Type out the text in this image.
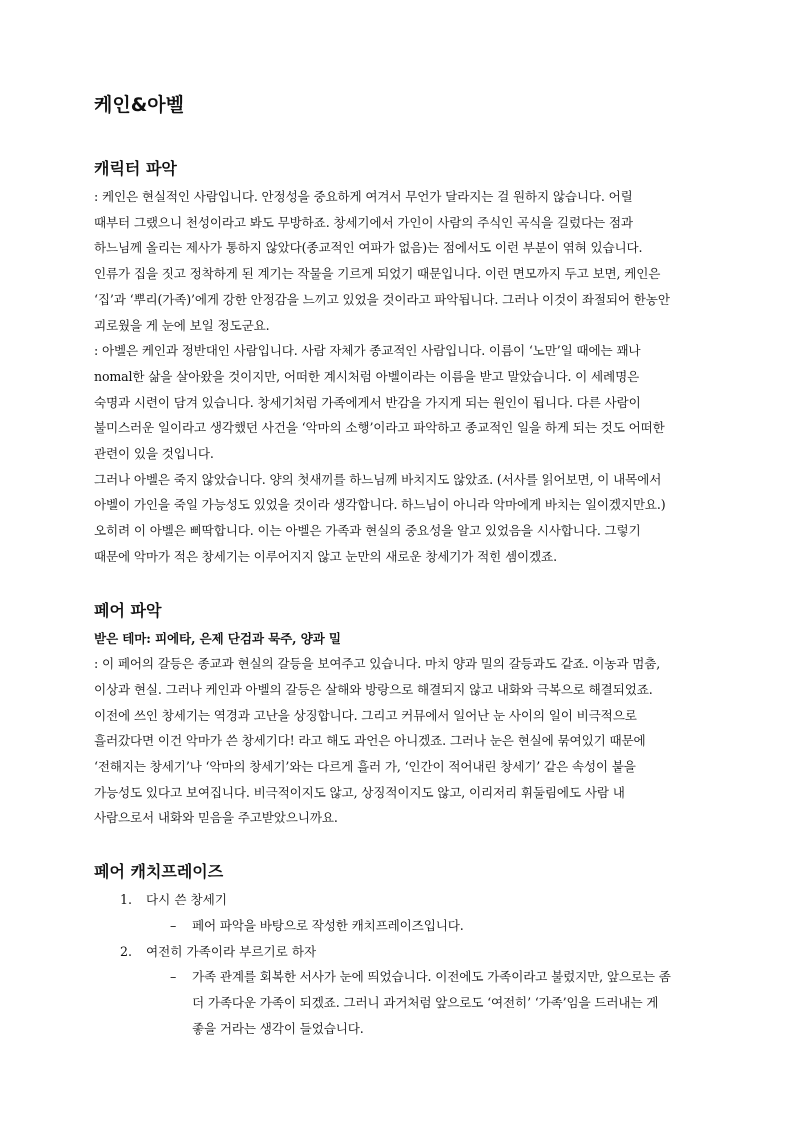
케인&아벨
캐릭터 파악

: 케인은 현실적인 사람입니다. 안정성을 중요하게 여겨서 무언가 달라지는 걸 원하지 않습니다. 어릴

때부터 그랬으니 천성이라고 봐도 무방하죠. 창세기에서 가인이 사람의 주식인 곡식을 길렀다는 점과

하느님께 올리는 제사가 통하지 않았다(종교적인 여파가 없음)는 점에서도 이런 부분이 엮혀 있습니다.

인류가 집을 짓고 정착하게 된 계기는 작물을 기르게 되었기 때문입니다. 이런 면모까지 두고 보면, 케인은

‘집’과 ‘뿌리(가족)’에게 강한 안정감을 느끼고 있었을 것이라고 파악됩니다. 그러나 이것이 좌절되어 한농안

괴로웠을 게 눈에 보일 정도군요.

: 아벨은 케인과 정반대인 사람입니다. 사람 자체가 종교적인 사람입니다. 이름이 ‘노만’일 때에는 꽤나

nomal한 삶을 살아왔을 것이지만, 어떠한 계시처럼 아벨이라는 이름을 받고 말았습니다. 이 세례명은

숙명과 시련이 담겨 있습니다. 창세기처럼 가족에게서 반감을 가지게 되는 원인이 됩니다. 다른 사람이

불미스러운 일이라고 생각했던 사건을 ‘악마의 소행’이라고 파악하고 종교적인 일을 하게 되는 것도 어떠한

관련이 있을 것입니다.

그러나 아벨은 죽지 않았습니다. 양의 첫새끼를 하느님께 바치지도 않았죠. (서사를 읽어보면, 이 내목에서

아벨이 가인을 죽일 가능성도 있었을 것이라 생각합니다. 하느님이 아니라 악마에게 바치는 일이겠지만요.)

오히려 이 아벨은 삐딱합니다. 이는 아벨은 가족과 현실의 중요성을 알고 있었음을 시사합니다. 그렇기

때문에 악마가 적은 창세기는 이루어지지 않고 눈만의 새로운 창세기가 적힌 셈이겠죠.

페어 파악

받은 테마: 피에타, 은제 단검과 묵주, 양과 밀

: 이 페어의 갈등은 종교과 현실의 갈등을 보여주고 있습니다. 마치 양과 밀의 갈등과도 같죠. 이농과 멈춤,

이상과 현실. 그러나 케인과 아벨의 갈등은 살해와 방랑으로 해결되지 않고 내화와 극복으로 해결되었죠.

이전에 쓰인 창세기는 역경과 고난을 상징합니다. 그리고 커뮤에서 일어난 눈 사이의 일이 비극적으로

흘러갔다면 이건 악마가 쓴 창세기다! 라고 해도 과언은 아니겠죠. 그러나 눈은 현실에 묶여있기 때문에

‘전해지는 창세기’나 ‘악마의 창세기’와는 다르게 흘러 가, ‘인간이 적어내린 창세기’ 같은 속성이 붙을

가능성도 있다고 보여집니다. 비극적이지도 않고, 상징적이지도 않고, 이리저리 휘둘림에도 사람 내

사람으로서 내화와 믿음을 주고받았으니까요.

페어 캐치프레이즈
1. 다시 쓴 창세기
– 페어 파악을 바탕으로 작성한 캐치프레이즈입니다.
2. 여전히 가족이라 부르기로 하자
– 가족 관계를 회복한 서사가 눈에 띄었습니다. 이전에도 가족이라고 불렀지만, 앞으로는 좀
더 가족다운 가족이 되겠죠. 그러니 과거처럼 앞으로도 ‘여전히’ ‘가족’임을 드러내는 게
좋을 거라는 생각이 들었습니다.
